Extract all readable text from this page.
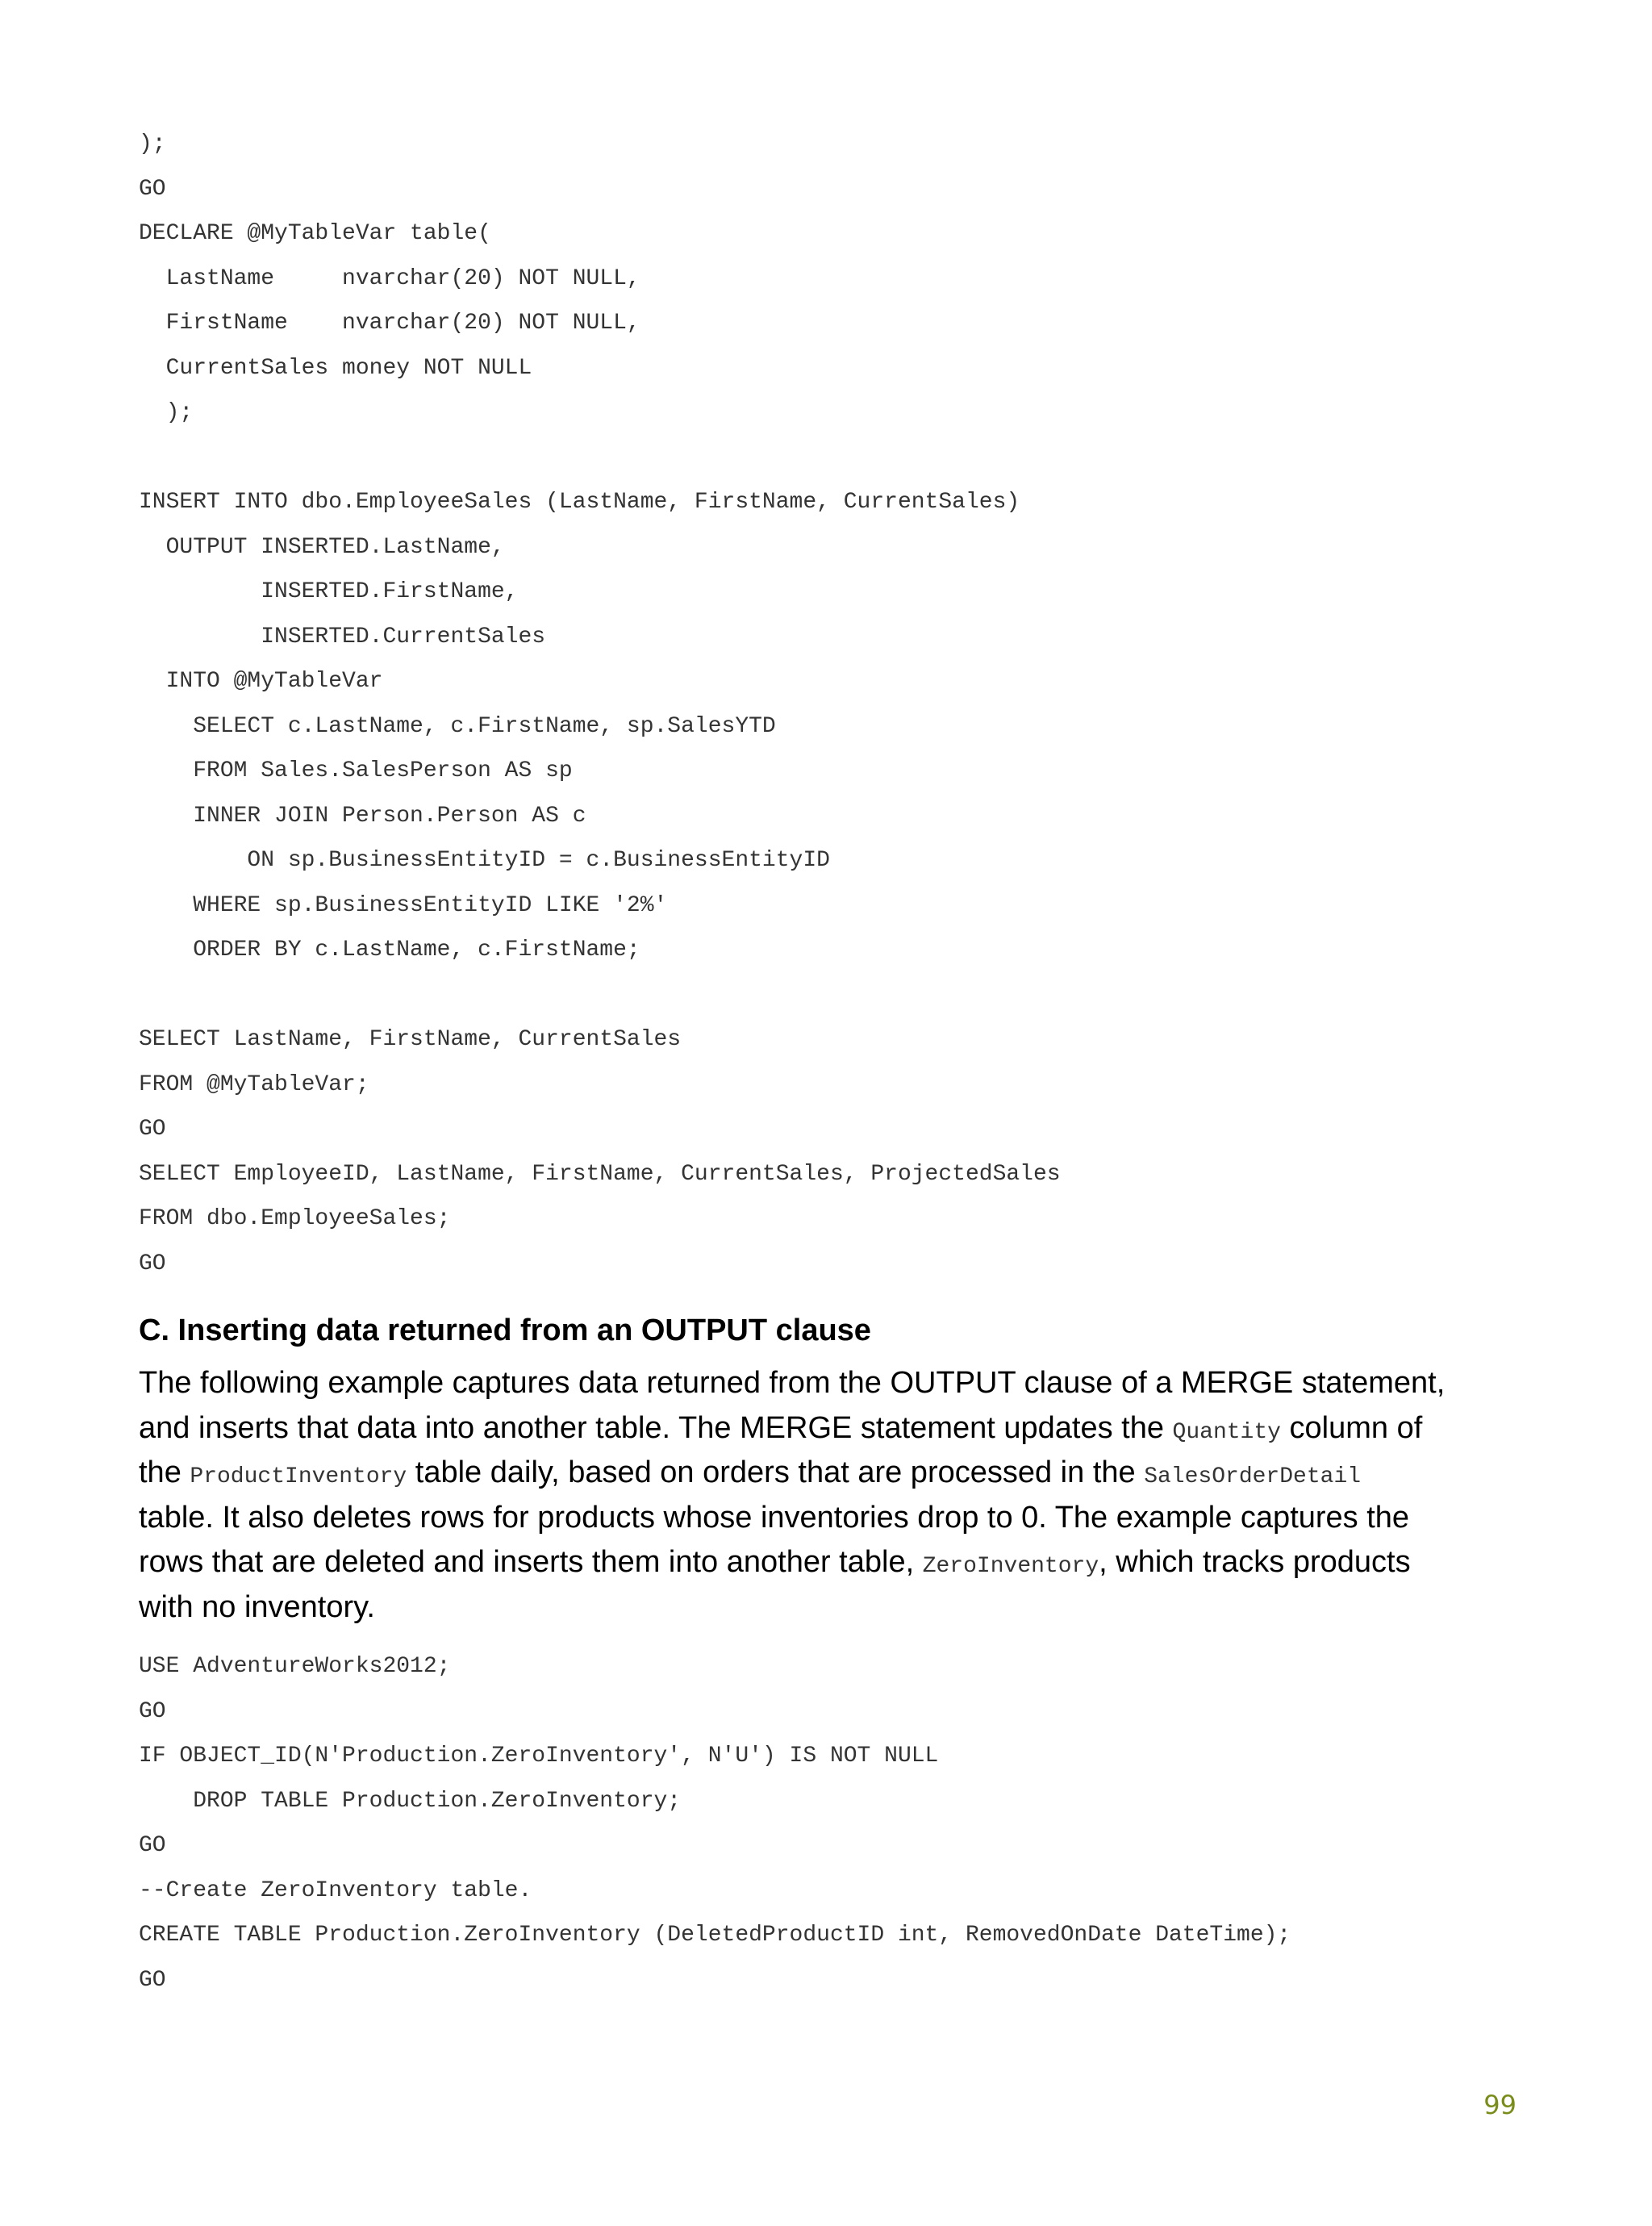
);
GO
DECLARE @MyTableVar table(
LastName     nvarchar(20) NOT NULL,
FirstName    nvarchar(20) NOT NULL,
CurrentSales money NOT NULL
);
INSERT INTO dbo.EmployeeSales (LastName, FirstName, CurrentSales)
OUTPUT INSERTED.LastName,
INSERTED.FirstName,
INSERTED.CurrentSales
INTO @MyTableVar
SELECT c.LastName, c.FirstName, sp.SalesYTD
FROM Sales.SalesPerson AS sp
INNER JOIN Person.Person AS c
ON sp.BusinessEntityID = c.BusinessEntityID
WHERE sp.BusinessEntityID LIKE '2%'
ORDER BY c.LastName, c.FirstName;
SELECT LastName, FirstName, CurrentSales
FROM @MyTableVar;
GO
SELECT EmployeeID, LastName, FirstName, CurrentSales, ProjectedSales
FROM dbo.EmployeeSales;
GO
C. Inserting data returned from an OUTPUT clause
The following example captures data returned from the OUTPUT clause of a MERGE statement,
and inserts that data into another table. The MERGE statement updates the Quantity column of
the ProductInventory table daily, based on orders that are processed in the SalesOrderDetail
table. It also deletes rows for products whose inventories drop to 0. The example captures the
rows that are deleted and inserts them into another table, ZeroInventory, which tracks products
with no inventory.
USE AdventureWorks2012;
GO
IF OBJECT_ID(N'Production.ZeroInventory', N'U') IS NOT NULL
DROP TABLE Production.ZeroInventory;
GO
--Create ZeroInventory table.
CREATE TABLE Production.ZeroInventory (DeletedProductID int, RemovedOnDate DateTime);
GO
99
